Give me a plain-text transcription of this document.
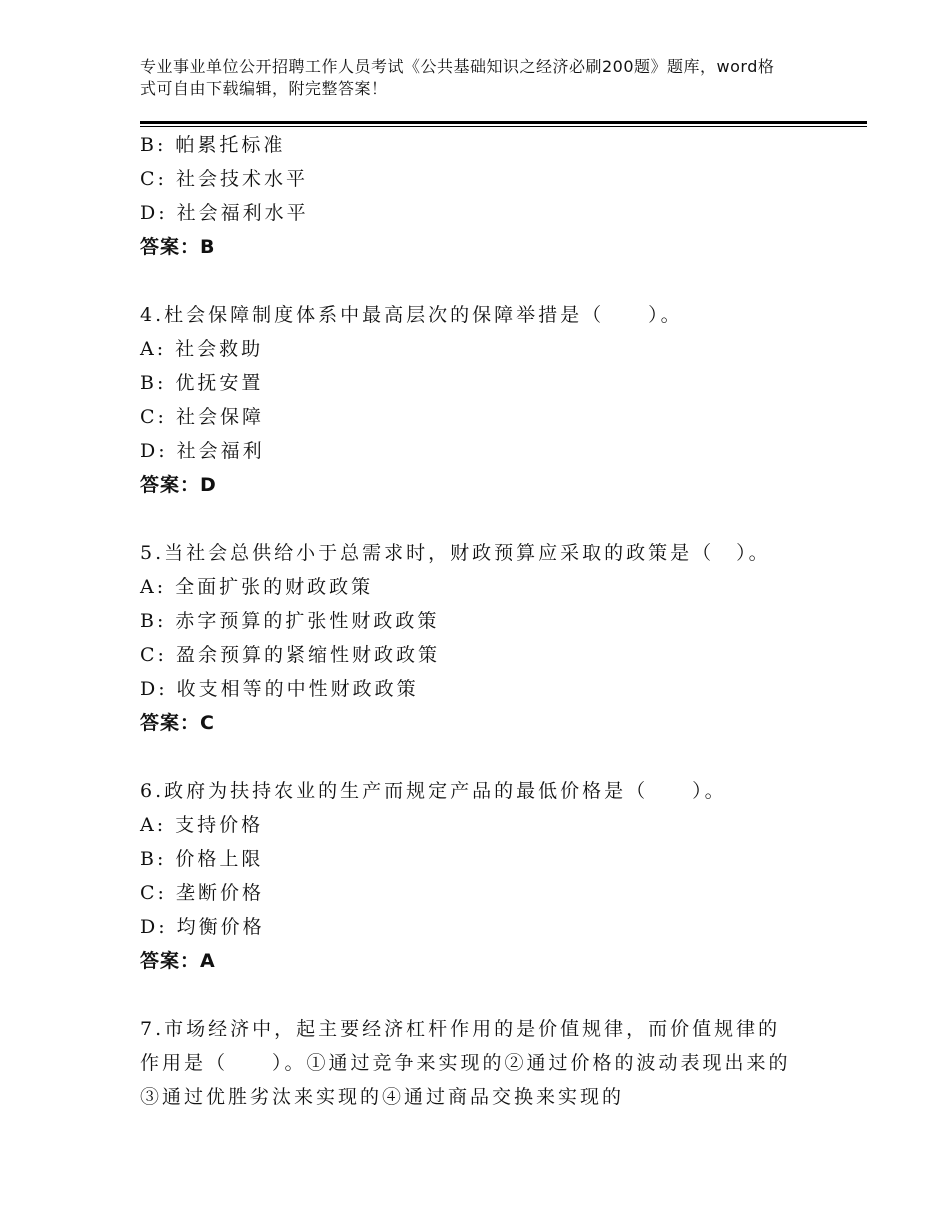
专业事业单位公开招聘工作人员考试《公共基础知识之经济必刷200题》题库，word格式可自由下载编辑，附完整答案！
B: 帕累托标准
C: 社会技术水平
D: 社会福利水平
答案：B
4.杜会保障制度体系中最高层次的保障举措是（　　）。
A: 社会救助
B: 优抚安置
C: 社会保障
D: 社会福利
答案：D
5.当社会总供给小于总需求时，财政预算应采取的政策是（　）。
A: 全面扩张的财政政策
B: 赤字预算的扩张性财政政策
C: 盈余预算的紧缩性财政政策
D: 收支相等的中性财政政策
答案：C
6.政府为扶持农业的生产而规定产品的最低价格是（　　）。
A: 支持价格
B: 价格上限
C: 垄断价格
D: 均衡价格
答案：A
7.市场经济中，起主要经济杠杆作用的是价值规律，而价值规律的作用是（　　）。①通过竞争来实现的②通过价格的波动表现出来的③通过优胜劣汰来实现的④通过商品交换来实现的
